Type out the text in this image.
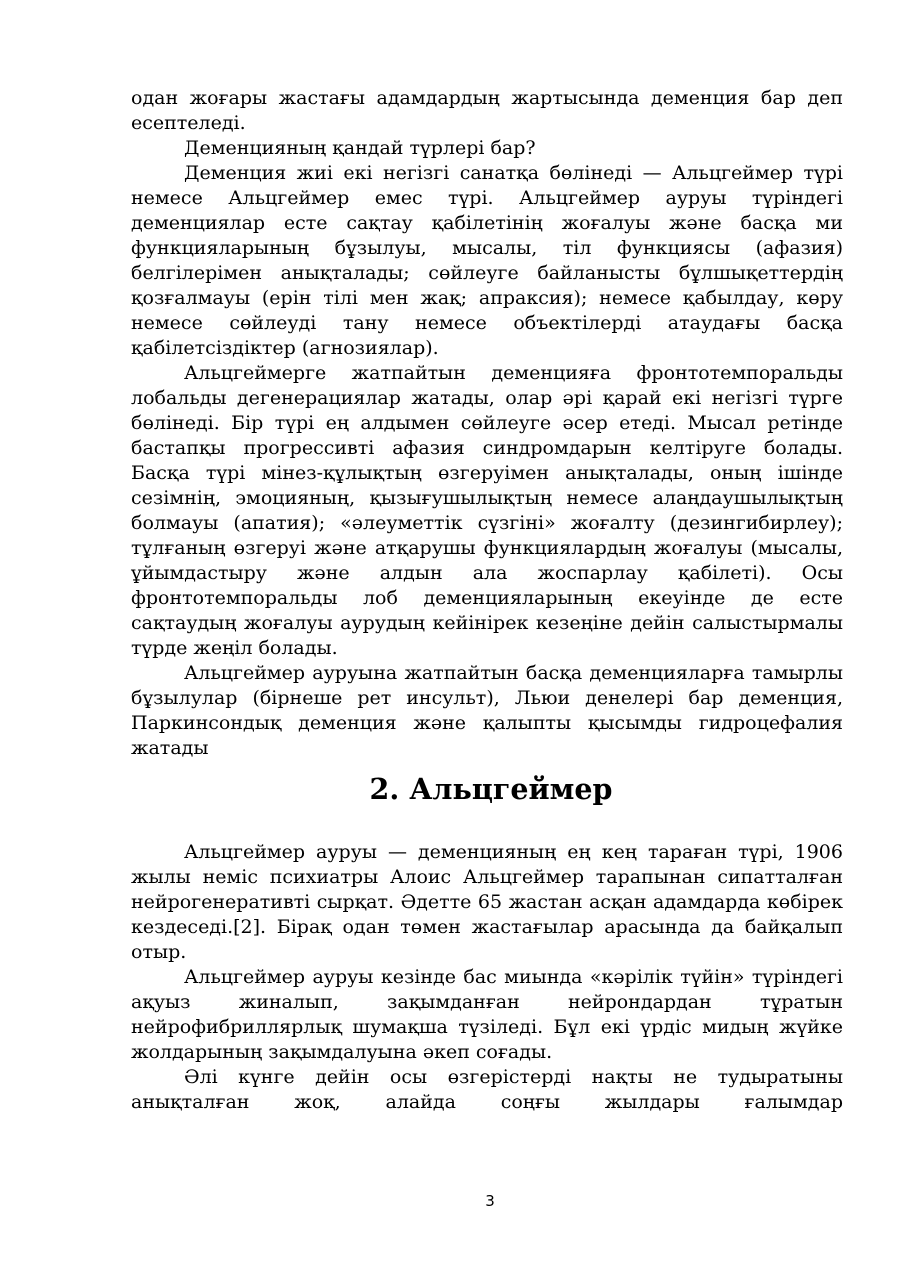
одан жоғары жастағы адамдардың жартысында деменция бар деп есептеледі.

Деменцияның қандай түрлері бар?

Деменция жиі екі негізгі санатқа бөлінеді — Альцгеймер түрі немесе Альцгеймер емес түрі. Альцгеймер ауруы түріндегі деменциялар есте сақтау қабілетінің жоғалуы және басқа ми функцияларының бұзылуы, мысалы, тіл функциясы (афазия) белгілерімен анықталады; сөйлеуге байланысты бұлшықеттердің қозғалмауы (ерін тілі мен жақ; апраксия); немесе қабылдау, көру немесе сөйлеуді тану немесе объектілерді атаудағы басқа қабілетсіздіктер (агнозиялар).

Альцгеймерге жатпайтын деменцияға фронтотемпоральды лобальды дегенерациялар жатады, олар әрі қарай екі негізгі түрге бөлінеді. Бір түрі ең алдымен сөйлеуге әсер етеді. Мысал ретінде бастапқы прогрессивті афазия синдромдарын келтіруге болады. Басқа түрі мінез-құлықтың өзгеруімен анықталады, оның ішінде сезімнің, эмоцияның, қызығушылықтың немесе алаңдаушылықтың болмауы (апатия); «әлеуметтік сүзгіні» жоғалту (дезингибирлеу); тұлғаның өзгеруі және атқарушы функциялардың жоғалуы (мысалы, ұйымдастыру және алдын ала жоспарлау қабілеті). Осы фронтотемпоральды лоб деменцияларының екеуінде де есте сақтаудың жоғалуы аурудың кейінірек кезеңіне дейін салыстырмалы түрде жеңіл болады.

Альцгеймер ауруына жатпайтын басқа деменцияларға тамырлы бұзылулар (бірнеше рет инсульт), Льюи денелері бар деменция, Паркинсондық деменция және қалыпты қысымды гидроцефалия жатады

2. Альцгеймер

Альцгеймер ауруы — деменцияның ең кең тараған түрі, 1906 жылы неміс психиатры Алоис Альцгеймер тарапынан сипатталған нейрогенеративті сырқат. Әдетте 65 жастан асқан адамдарда көбірек кездеседі.[2]. Бірақ одан төмен жастағылар арасында да байқалып отыр.

Альцгеймер ауруы кезінде бас миында «кәрілік түйін» түріндегі ақуыз жиналып, зақымданған нейрондардан тұратын нейрофибриллярлық шумақша түзіледі. Бұл екі үрдіс мидың жүйке жолдарының зақымдалуына әкеп соғады.

Әлі күнге дейін осы өзгерістерді нақты не тудыратыны анықталған жоқ, алайда соңғы жылдары ғалымдар

3
